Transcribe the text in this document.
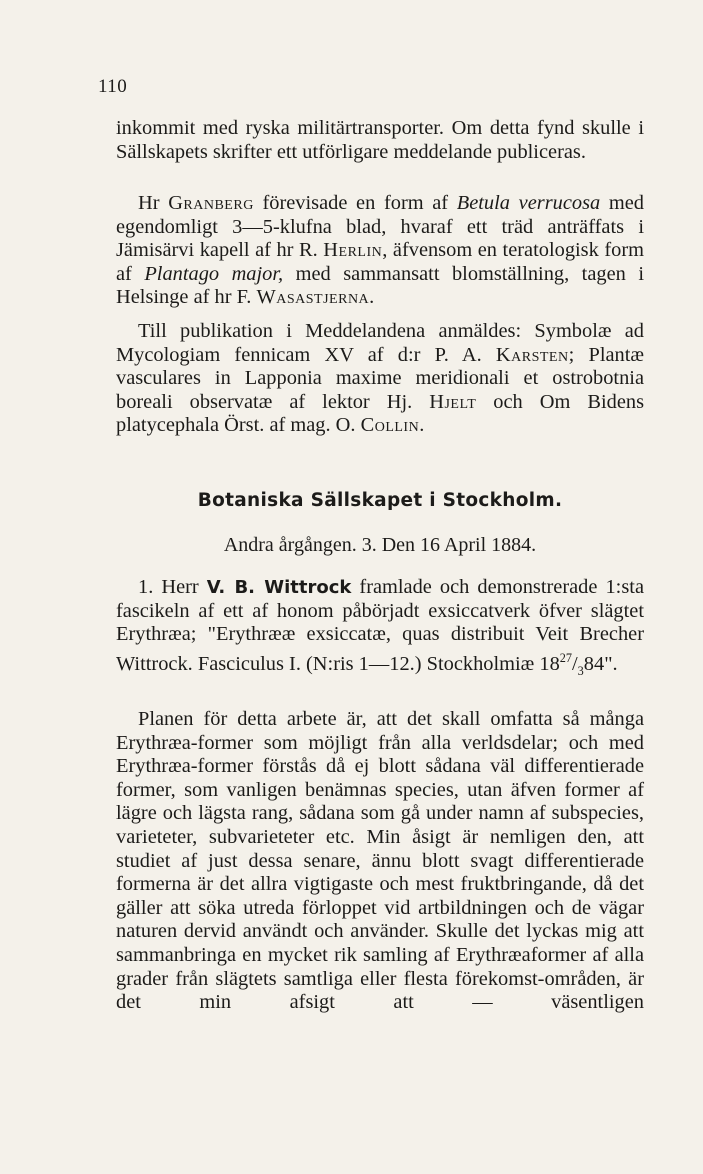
110

inkommit med ryska militärtransporter. Om detta fynd skulle i Sällskapets skrifter ett utförligare meddelande publiceras.

Hr Granberg förevisade en form af Betula verrucosa med egendomligt 3—5-klufna blad, hvaraf ett träd anträffats i Jämisärvi kapell af hr R. Herlin, äfvensom en teratologisk form af Plantago major, med sammansatt blomställning, tagen i Helsinge af hr F. Wasastjerna.

Till publikation i Meddelandena anmäldes: Symbolæ ad Mycologiam fennicam XV af d:r P. A. Karsten; Plantæ vasculares in Lapponia maxime meridionali et ostrobotnia boreali observatæ af lektor Hj. Hjelt och Om Bidens platycephala Örst. af mag. O. Collin.

Botaniska Sällskapet i Stockholm.

Andra årgången. 3. Den 16 April 1884.

1. Herr V. B. Wittrock framlade och demonstrerade 1:sta fascikeln af ett af honom påbörjadt exsiccatverk öfver slägtet Erythræa; "Erythrææ exsiccatæ, quas distribuit Veit Brecher Wittrock. Fasciculus I. (N:ris 1—12.) Stockholmiæ $18^{27}/_384$".

Planen för detta arbete är, att det skall omfatta så många Erythræa-former som möjligt från alla verldsdelar; och med Erythræa-former förstås då ej blott sådana väl differentierade former, som vanligen benämnas species, utan äfven former af lägre och lägsta rang, sådana som gå under namn af subspecies, varieteter, subvarieteter etc. Min åsigt är nemligen den, att studiet af just dessa senare, ännu blott svagt differentierade formerna är det allra vigtigaste och mest fruktbringande, då det gäller att söka utreda förloppet vid artbildningen och de vägar naturen dervid användt och använder. Skulle det lyckas mig att sammanbringa en mycket rik samling af Erythræaformer af alla grader från slägtets samtliga eller flesta förekomst-områden, är det min afsigt att — väsentligen
